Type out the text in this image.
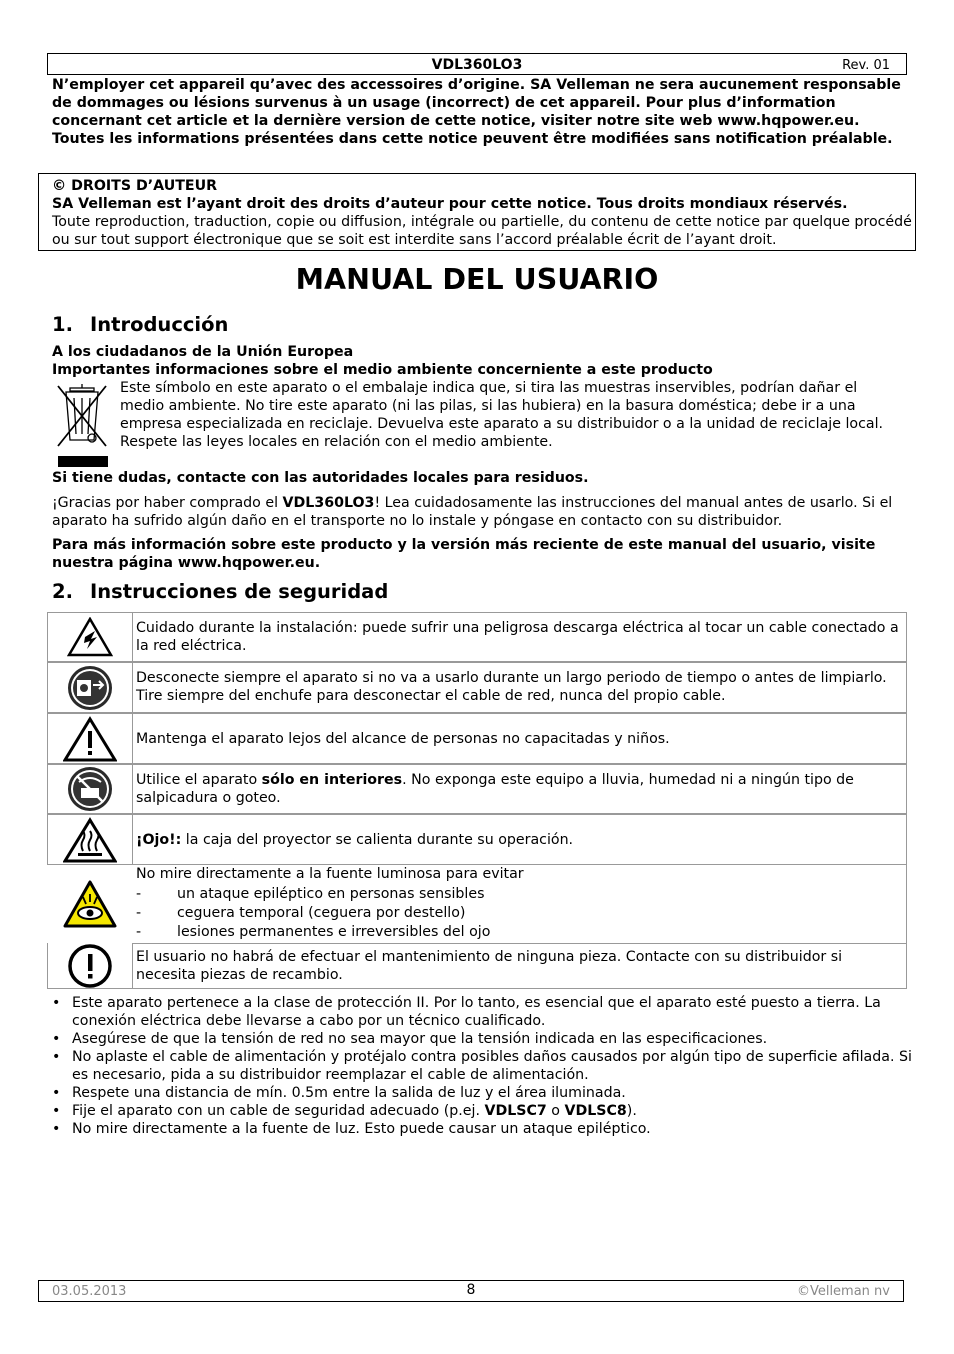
VDL360LO3	Rev. 01
N’employer cet appareil qu’avec des accessoires d’origine. SA Velleman ne sera aucunement responsable de dommages ou lésions survenus à un usage (incorrect) de cet appareil. Pour plus d’information concernant cet article et la dernière version de cette notice, visiter notre site web www.hqpower.eu. Toutes les informations présentées dans cette notice peuvent être modifiées sans notification préalable.
© DROITS D’AUTEUR
SA Velleman est l’ayant droit des droits d’auteur pour cette notice. Tous droits mondiaux réservés.
Toute reproduction, traduction, copie ou diffusion, intégrale ou partielle, du contenu de cette notice par quelque procédé ou sur tout support électronique que se soit est interdite sans l’accord préalable écrit de l’ayant droit.
MANUAL DEL USUARIO
1. Introducción
A los ciudadanos de la Unión Europea
Importantes informaciones sobre el medio ambiente concerniente a este producto
Este símbolo en este aparato o el embalaje indica que, si tira las muestras inservibles, podrían dañar el medio ambiente. No tire este aparato (ni las pilas, si las hubiera) en la basura doméstica; debe ir a una empresa especializada en reciclaje. Devuelva este aparato a su distribuidor o a la unidad de reciclaje local. Respete las leyes locales en relación con el medio ambiente.
Si tiene dudas, contacte con las autoridades locales para residuos.
¡Gracias por haber comprado el VDL360LO3! Lea cuidadosamente las instrucciones del manual antes de usarlo. Si el aparato ha sufrido algún daño en el transporte no lo instale y póngase en contacto con su distribuidor.
Para más información sobre este producto y la versión más reciente de este manual del usuario, visite nuestra página www.hqpower.eu.
2. Instrucciones de seguridad
Cuidado durante la instalación: puede sufrir una peligrosa descarga eléctrica al tocar un cable conectado a la red eléctrica.
Desconecte siempre el aparato si no va a usarlo durante un largo periodo de tiempo o antes de limpiarlo. Tire siempre del enchufe para desconectar el cable de red, nunca del propio cable.
Mantenga el aparato lejos del alcance de personas no capacitadas y niños.
Utilice el aparato sólo en interiores. No exponga este equipo a lluvia, humedad ni a ningún tipo de salpicadura o goteo.
¡Ojo!: la caja del proyector se calienta durante su operación.
No mire directamente a la fuente luminosa para evitar
-	un ataque epiléptico en personas sensibles
-	ceguera temporal (ceguera por destello)
-	lesiones permanentes e irreversibles del ojo
El usuario no habrá de efectuar el mantenimiento de ninguna pieza. Contacte con su distribuidor si necesita piezas de recambio.
• Este aparato pertenece a la clase de protección II. Por lo tanto, es esencial que el aparato esté puesto a tierra. La conexión eléctrica debe llevarse a cabo por un técnico cualificado.
• Asegúrese de que la tensión de red no sea mayor que la tensión indicada en las especificaciones.
• No aplaste el cable de alimentación y protéjalo contra posibles daños causados por algún tipo de superficie afilada. Si es necesario, pida a su distribuidor reemplazar el cable de alimentación.
• Respete una distancia de mín. 0.5m entre la salida de luz y el área iluminada.
• Fije el aparato con un cable de seguridad adecuado (p.ej. VDLSC7 o VDLSC8).
• No mire directamente a la fuente de luz. Esto puede causar un ataque epiléptico.
03.05.2013	8	©Velleman nv
